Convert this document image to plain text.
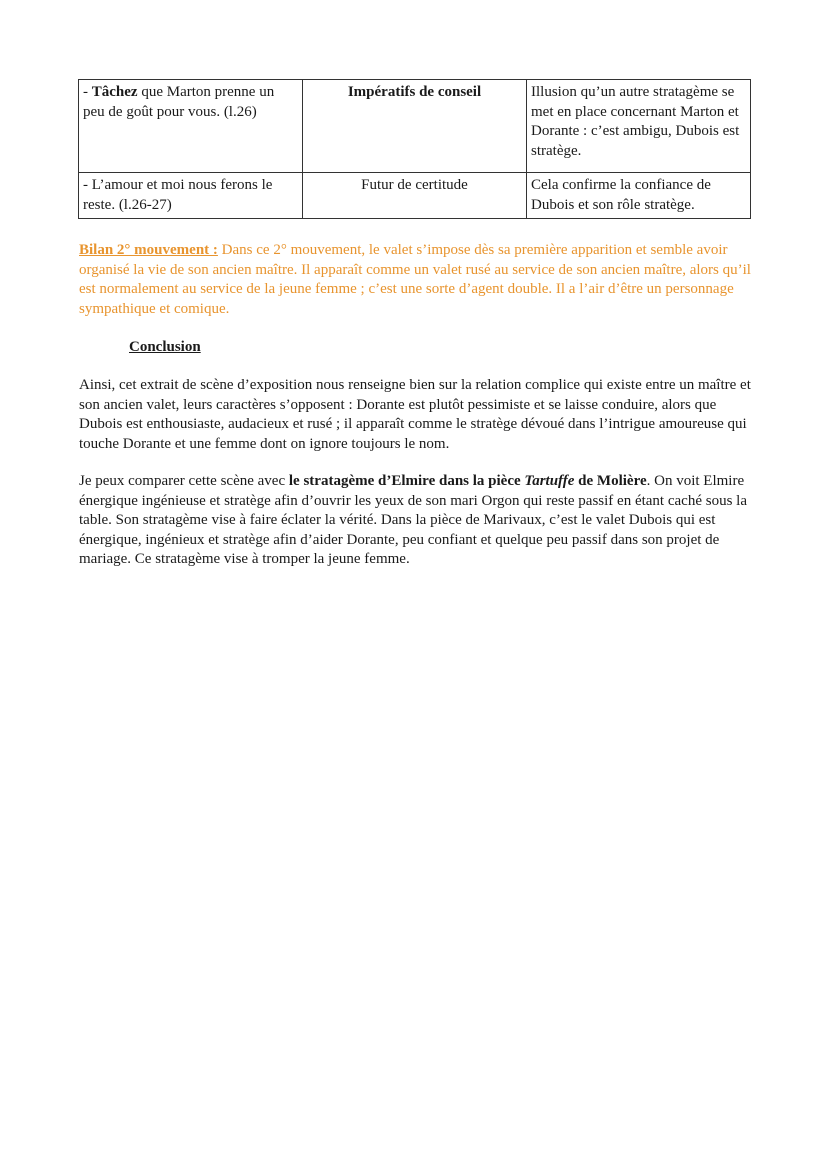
- Tâchez que Marton prenne un peu de goût pour vous. (l.26)	Impératifs de conseil	Illusion qu’un autre stratagème se met en place concernant Marton et Dorante : c’est ambigu, Dubois est stratège.
- L’amour et moi nous ferons le reste. (l.26-27)	Futur de certitude	Cela confirme la confiance de Dubois et son rôle stratège.
Bilan 2° mouvement : Dans ce 2° mouvement, le valet s’impose dès sa première apparition et semble avoir organisé la vie de son ancien maître. Il apparaît comme un valet rusé au service de son ancien maître, alors qu’il est normalement au service de la jeune femme ; c’est une sorte d’agent double. Il a l’air d’être un personnage sympathique et comique.
Conclusion
Ainsi, cet extrait de scène d’exposition nous renseigne bien sur la relation complice qui existe entre un maître et son ancien valet, leurs caractères s’opposent : Dorante est plutôt pessimiste et se laisse conduire, alors que Dubois est enthousiaste, audacieux et rusé ; il apparaît comme le stratège dévoué dans l’intrigue amoureuse qui touche Dorante et une femme dont on ignore toujours le nom.
Je peux comparer cette scène avec le stratagème d’Elmire dans la pièce Tartuffe de Molière. On voit Elmire énergique ingénieuse et stratège afin d’ouvrir les yeux de son mari Orgon qui reste passif en étant caché sous la table. Son stratagème vise à faire éclater la vérité. Dans la pièce de Marivaux, c’est le valet Dubois qui est énergique, ingénieux et stratège afin d’aider Dorante, peu confiant et quelque peu passif dans son projet de mariage. Ce stratagème vise à tromper la jeune femme.
